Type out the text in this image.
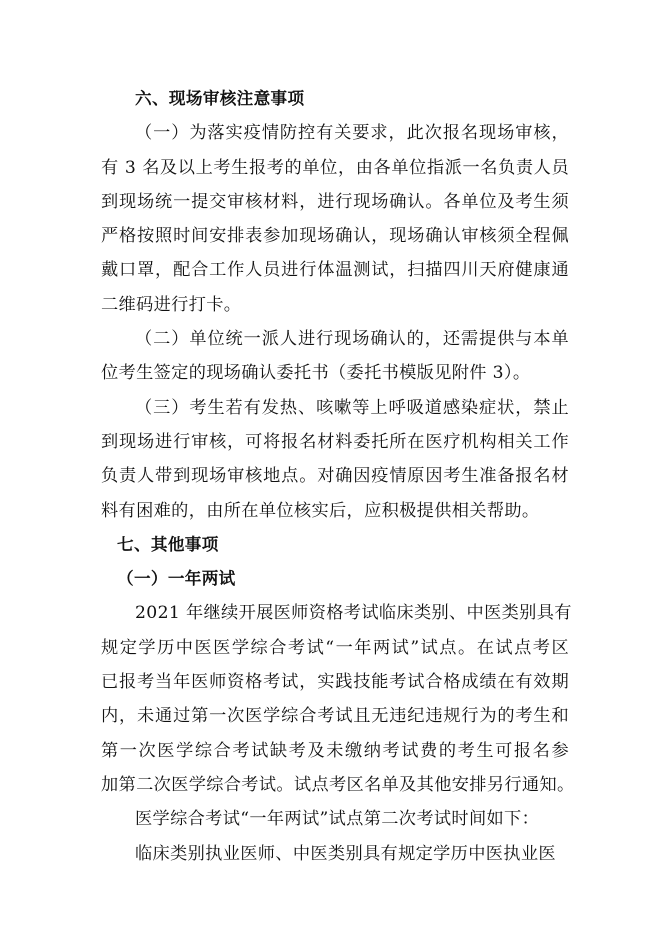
六、现场审核注意事项
（一）为落实疫情防控有关要求，此次报名现场审核，
有 3 名及以上考生报考的单位，由各单位指派一名负责人员
到现场统一提交审核材料，进行现场确认。各单位及考生须
严格按照时间安排表参加现场确认，现场确认审核须全程佩
戴口罩，配合工作人员进行体温测试，扫描四川天府健康通
二维码进行打卡。
（二）单位统一派人进行现场确认的，还需提供与本单
位考生签定的现场确认委托书（委托书模版见附件 3）。
（三）考生若有发热、咳嗽等上呼吸道感染症状，禁止
到现场进行审核，可将报名材料委托所在医疗机构相关工作
负责人带到现场审核地点。对确因疫情原因考生准备报名材
料有困难的，由所在单位核实后，应积极提供相关帮助。
七、其他事项
（一）一年两试
2021 年继续开展医师资格考试临床类别、中医类别具有
规定学历中医医学综合考试“一年两试”试点。在试点考区
已报考当年医师资格考试，实践技能考试合格成绩在有效期
内，未通过第一次医学综合考试且无违纪违规行为的考生和
第一次医学综合考试缺考及未缴纳考试费的考生可报名参
加第二次医学综合考试。试点考区名单及其他安排另行通知。
医学综合考试“一年两试”试点第二次考试时间如下：
临床类别执业医师、中医类别具有规定学历中医执业医
